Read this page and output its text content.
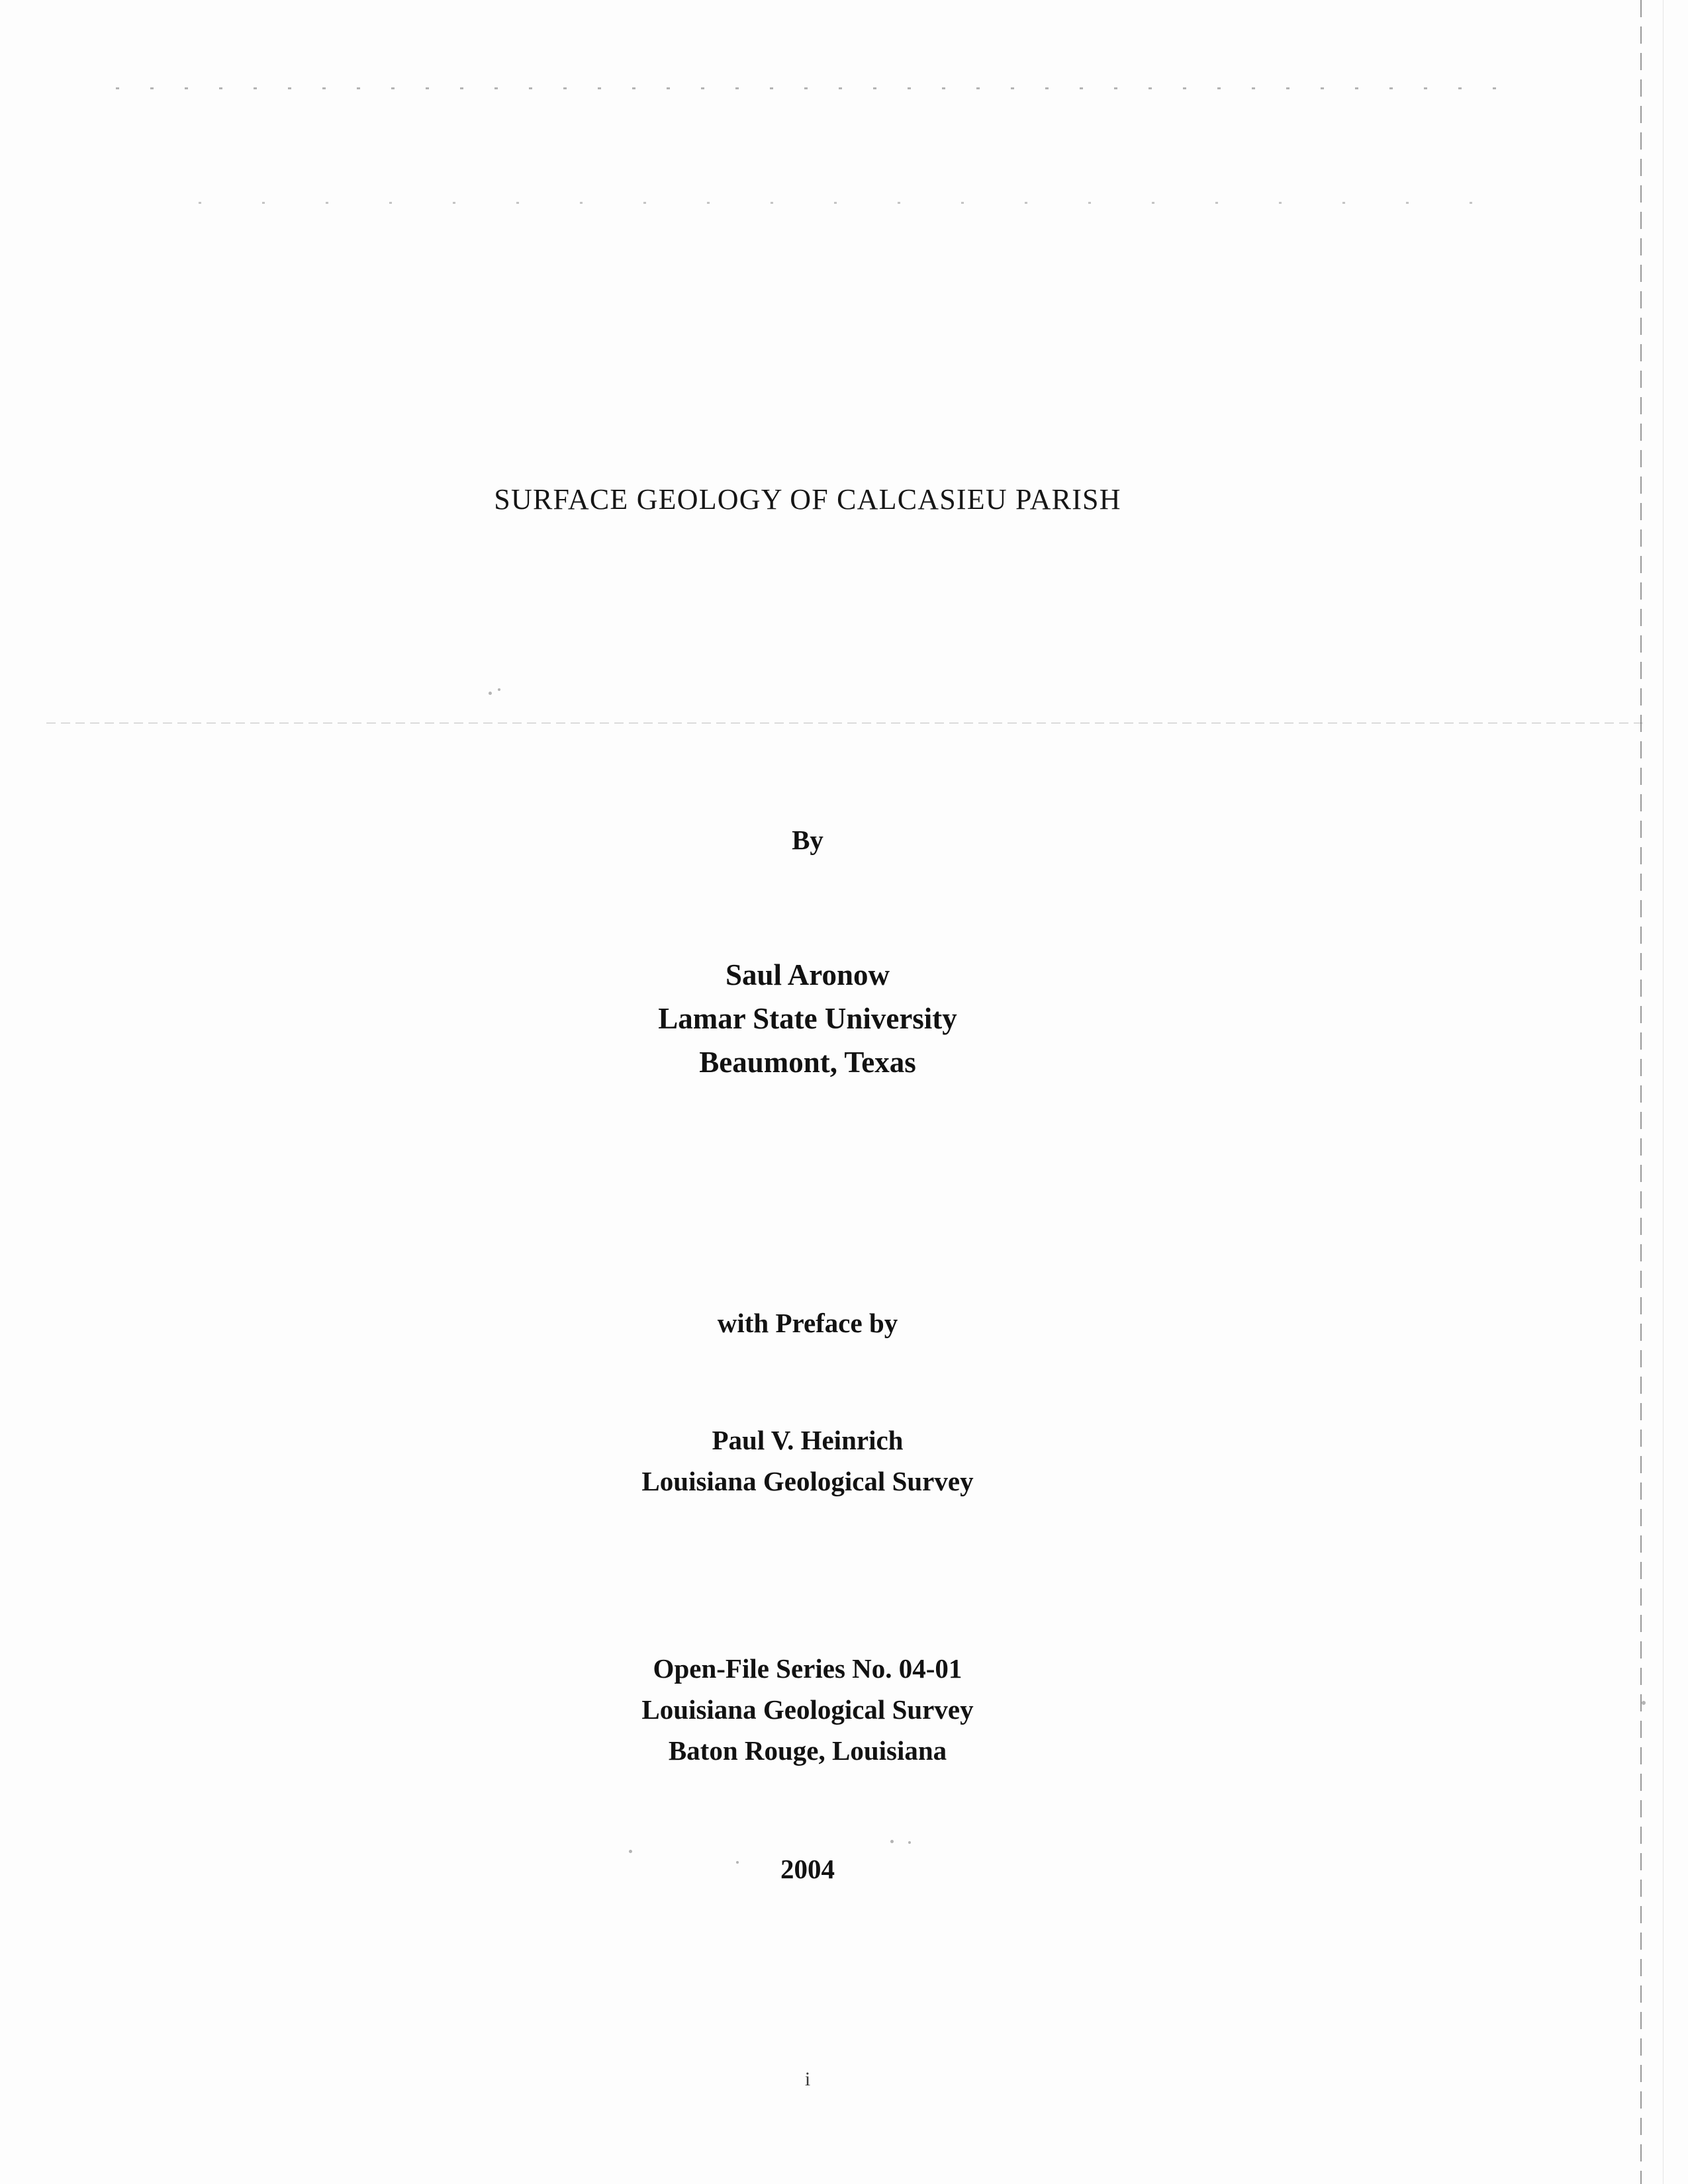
SURFACE GEOLOGY OF CALCASIEU PARISH
By
Saul Aronow
Lamar State University
Beaumont, Texas
with Preface by
Paul V. Heinrich
Louisiana Geological Survey
Open-File Series No. 04-01
Louisiana Geological Survey
Baton Rouge, Louisiana
2004
i
